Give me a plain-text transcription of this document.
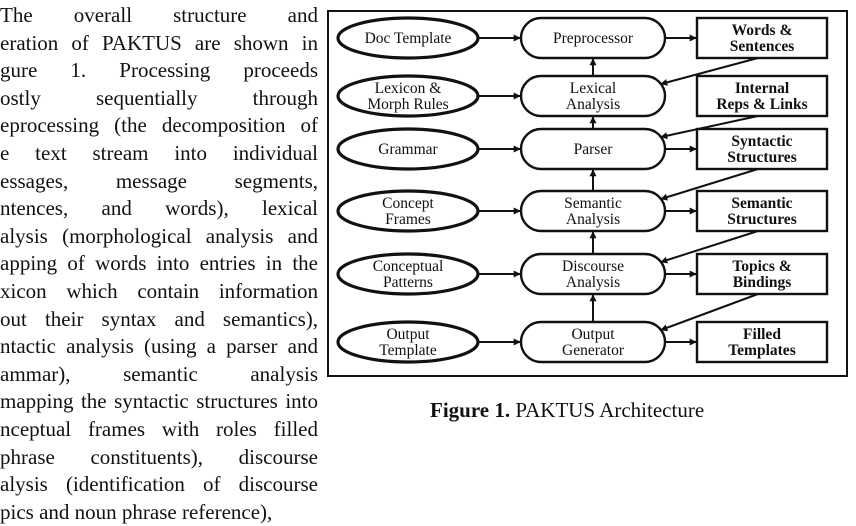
The overall structure and
eration of PAKTUS are shown in
gure 1. Processing proceeds
ostly sequentially through
eprocessing (the decomposition of
e text stream into individual
essages, message segments,
ntences, and words), lexical
alysis (morphological analysis and
apping of words into entries in the
xicon which contain information
out their syntax and semantics),
ntactic analysis (using a parser and
ammar), semantic analysis
mapping the syntactic structures into
nceptual frames with roles filled
phrase constituents), discourse
alysis (identification of discourse
pics and noun phrase reference),
Doc Template
Lexicon &
Morph Rules
Grammar
Concept
Frames
Conceptual
Patterns
Output
Template
Preprocessor
Lexical
Analysis
Parser
Semantic
Analysis
Discourse
Analysis
Output
Generator
Words &
Sentences
Internal
Reps & Links
Syntactic
Structures
Semantic
Structures
Topics &
Bindings
Filled
Templates
Figure 1. PAKTUS Architecture
